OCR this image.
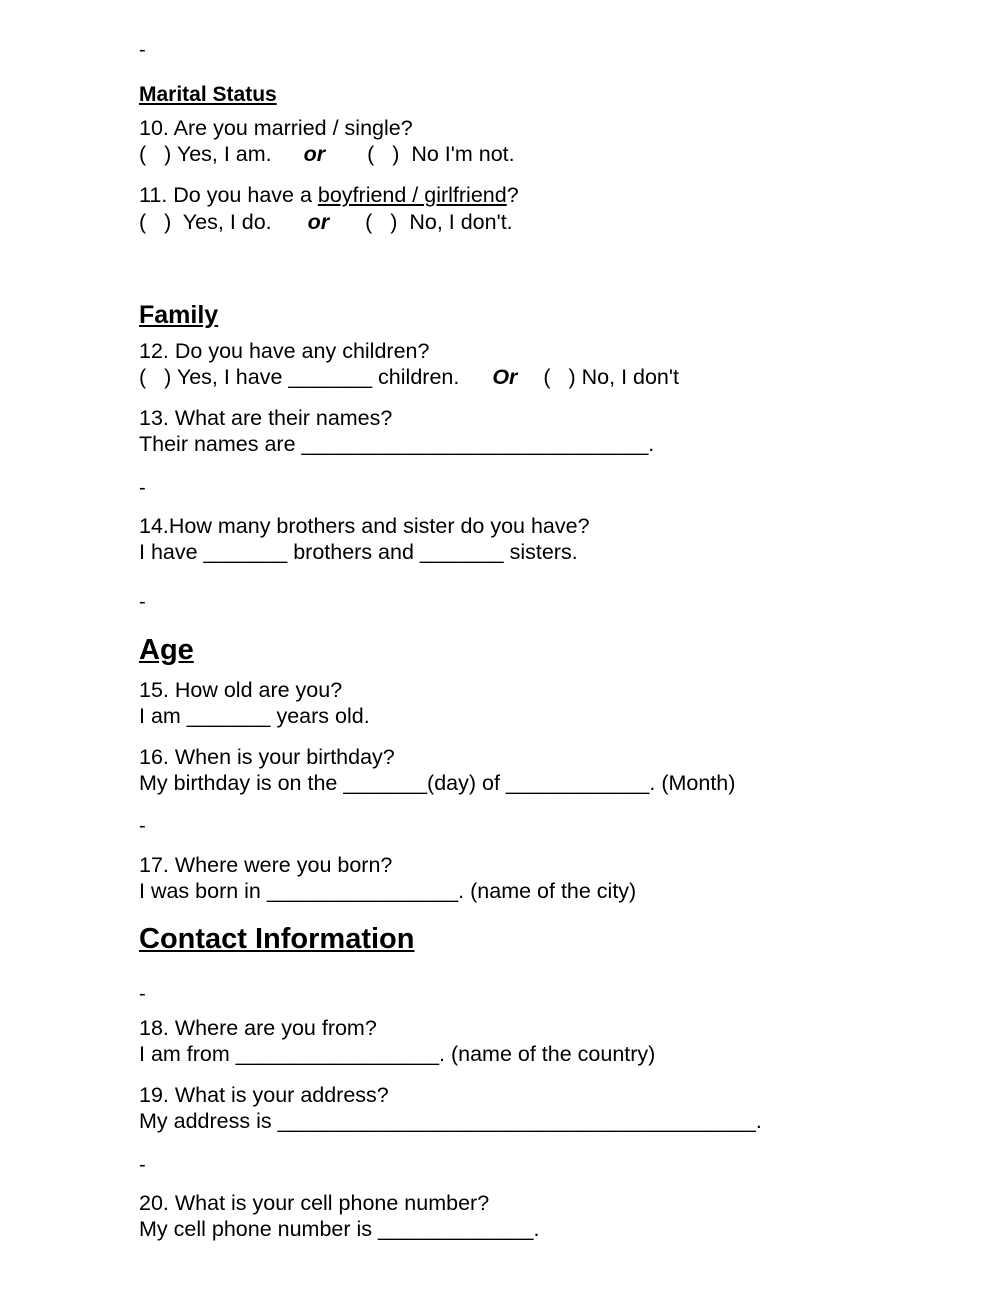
-
Marital Status
10. Are you married / single?
(   ) Yes, I am. or (   )  No I'm not.
11. Do you have a boyfriend / girlfriend?
(   )  Yes, I do. or (   )  No, I don't.
Family
12. Do you have any children?
(   ) Yes, I have _______ children. Or (   ) No, I don't
13. What are their names?
Their names are _____________________________.
-
14.How many brothers and sister do you have?
I have _______ brothers and _______ sisters.
-
Age
15. How old are you?
I am _______ years old.
16. When is your birthday?
My birthday is on the _______(day) of ____________. (Month)
-
17. Where were you born?
I was born in ________________. (name of the city)
Contact Information
-
18. Where are you from?
I am from _________________. (name of the country)
19. What is your address?
My address is ________________________________________.
-
20. What is your cell phone number?
My cell phone number is _____________.
